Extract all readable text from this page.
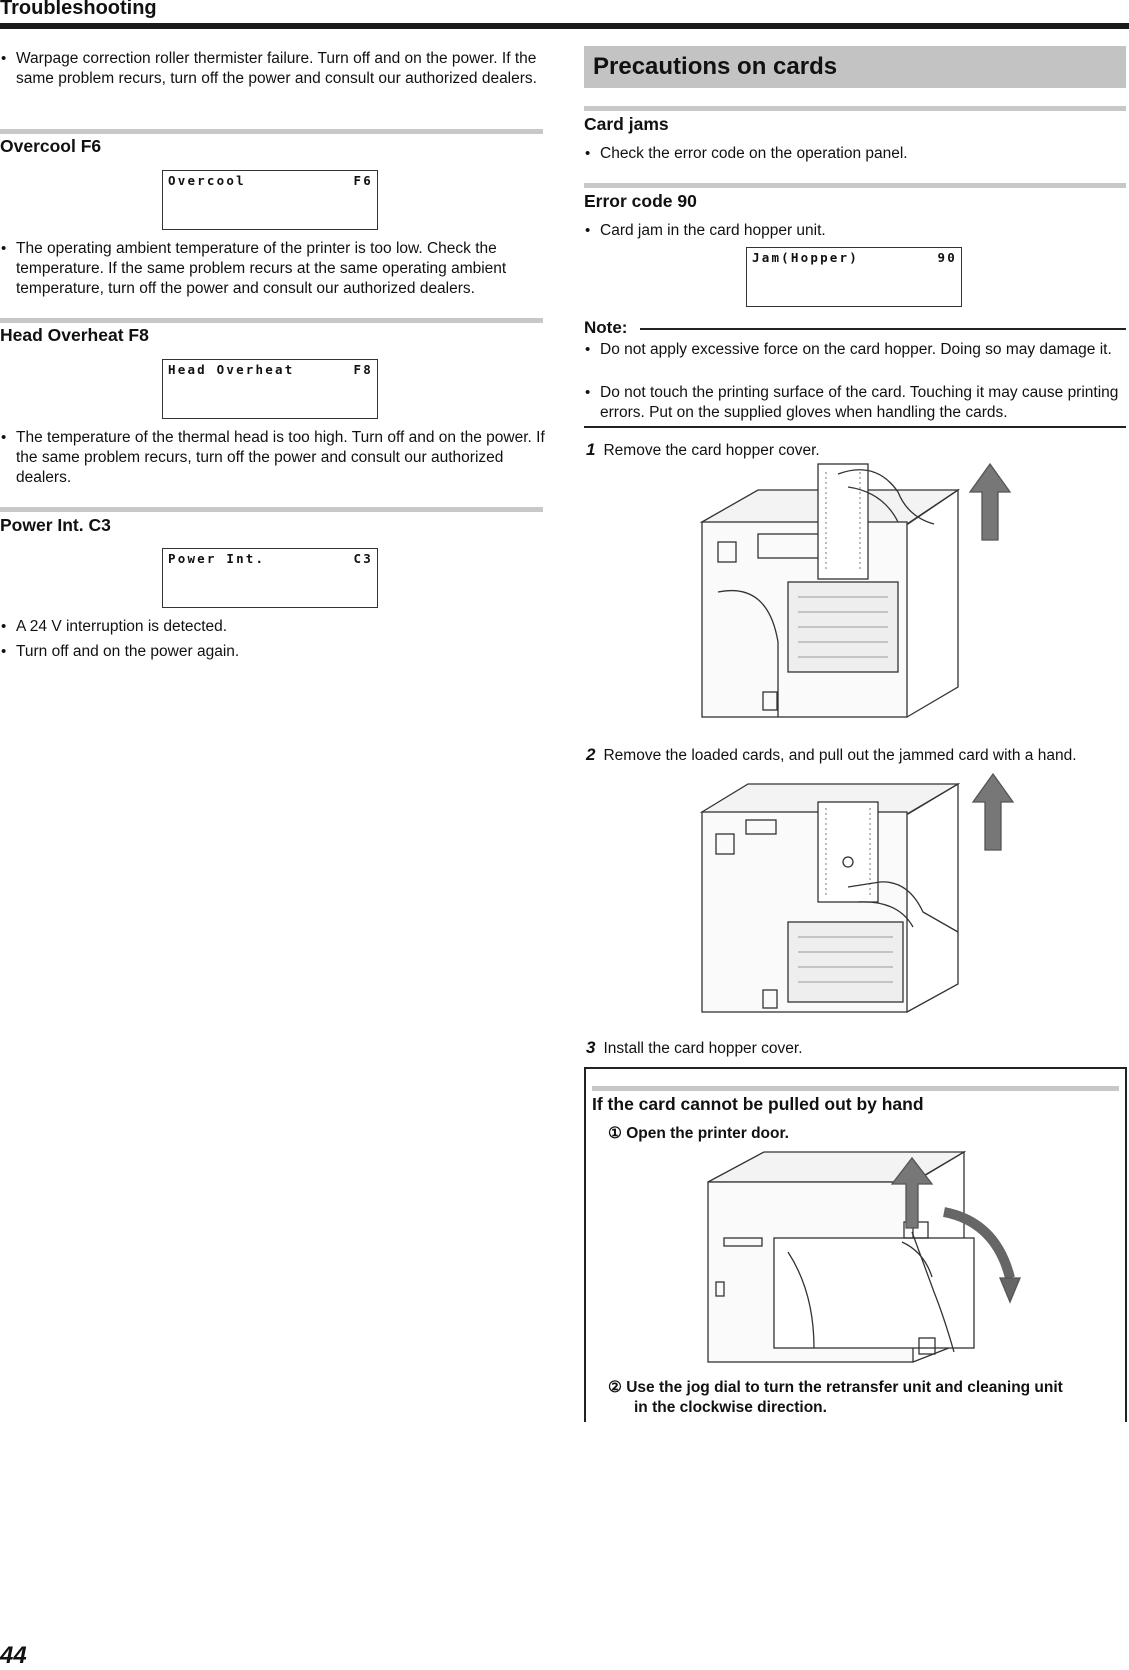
Troubleshooting
• Warpage correction roller thermister failure. Turn off and on the power. If the same problem recurs, turn off the power and consult our authorized dealers.
Overcool F6
Overcool	F6
• The operating ambient temperature of the printer is too low. Check the temperature. If the same problem recurs at the same operating ambient temperature, turn off the power and consult our authorized dealers.
Head Overheat F8
Head Overheat	F8
• The temperature of the thermal head is too high. Turn off and on the power. If the same problem recurs, turn off the power and consult our authorized dealers.
Power Int. C3
Power Int.	C3
• A 24 V interruption is detected.
• Turn off and on the power again.
Precautions on cards
Card jams
• Check the error code on the operation panel.
Error code 90
• Card jam in the card hopper unit.
Jam(Hopper)	90
Note:
• Do not apply excessive force on the card hopper. Doing so may damage it.
• Do not touch the printing surface of the card. Touching it may cause printing errors. Put on the supplied gloves when handling the cards.
1 Remove the card hopper cover.
2 Remove the loaded cards, and pull out the jammed card with a hand.
3 Install the card hopper cover.
If the card cannot be pulled out by hand
① Open the printer door.
② Use the jog dial to turn the retransfer unit and cleaning unit
in the clockwise direction.
44
